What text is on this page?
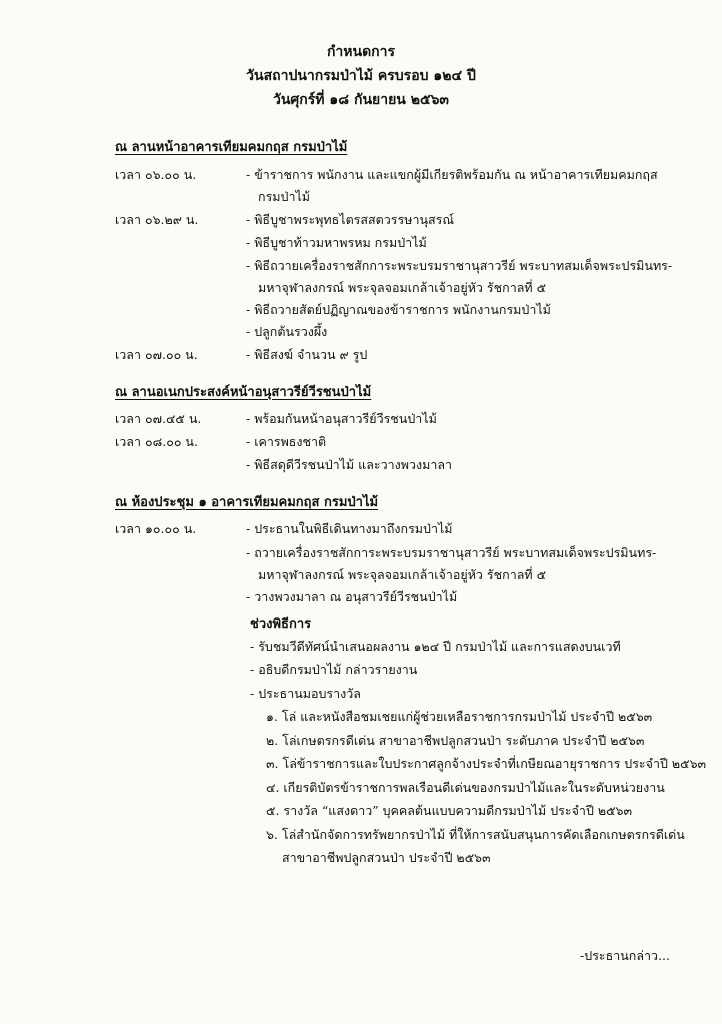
กำหนดการ
วันสถาปนากรมป่าไม้ ครบรอบ ๑๒๔ ปี
วันศุกร์ที่ ๑๘ กันยายน ๒๕๖๓
ณ ลานหน้าอาคารเทียมคมกฤส กรมป่าไม้
เวลา ๐๖.๐๐ น.	- ข้าราชการ พนักงาน และแขกผู้มีเกียรติพร้อมกัน ณ หน้าอาคารเทียมคมกฤส
กรมป่าไม้
เวลา ๐๖.๒๙ น.	- พิธีบูชาพระพุทธไตรสสตวรรษานุสรณ์
- พิธีบูชาท้าวมหาพรหม กรมป่าไม้
- พิธีถวายเครื่องราชสักการะพระบรมราชานุสาวรีย์ พระบาทสมเด็จพระปรมินทร-
มหาจุฬาลงกรณ์ พระจุลจอมเกล้าเจ้าอยู่หัว รัชกาลที่ ๕
- พิธีถวายสัตย์ปฏิญาณของข้าราชการ พนักงานกรมป่าไม้
- ปลูกต้นรวงผึ้ง
เวลา ๐๗.๐๐ น.	- พิธีสงฆ์ จำนวน ๙ รูป
ณ ลานอเนกประสงค์หน้าอนุสาวรีย์วีรชนป่าไม้
เวลา ๐๗.๔๕ น.	- พร้อมกันหน้าอนุสาวรีย์วีรชนป่าไม้
เวลา ๐๘.๐๐ น.	- เคารพธงชาติ
- พิธีสดุดีวีรชนป่าไม้ และวางพวงมาลา
ณ ห้องประชุม ๑ อาคารเทียมคมกฤส กรมป่าไม้
เวลา ๑๐.๐๐ น.	- ประธานในพิธีเดินทางมาถึงกรมป่าไม้
- ถวายเครื่องราชสักการะพระบรมราชานุสาวรีย์ พระบาทสมเด็จพระปรมินทร-
มหาจุฬาลงกรณ์ พระจุลจอมเกล้าเจ้าอยู่หัว รัชกาลที่ ๕
- วางพวงมาลา ณ อนุสาวรีย์วีรชนป่าไม้
ช่วงพิธีการ
- รับชมวีดีทัศน์นำเสนอผลงาน ๑๒๔ ปี กรมป่าไม้ และการแสดงบนเวที
- อธิบดีกรมป่าไม้ กล่าวรายงาน
- ประธานมอบรางวัล
๑. โล่ และหนังสือชมเชยแก่ผู้ช่วยเหลือราชการกรมป่าไม้ ประจำปี ๒๕๖๓
๒. โล่เกษตรกรดีเด่น สาขาอาชีพปลูกสวนป่า ระดับภาค ประจำปี ๒๕๖๓
๓. โล่ข้าราชการและใบประกาศลูกจ้างประจำที่เกษียณอายุราชการ ประจำปี ๒๕๖๓
๔. เกียรติบัตรข้าราชการพลเรือนดีเด่นของกรมป่าไม้และในระดับหน่วยงาน
๕. รางวัล “แสงดาว” บุคคลต้นแบบความดีกรมป่าไม้ ประจำปี ๒๕๖๓
๖. โล่สำนักจัดการทรัพยากรป่าไม้ ที่ให้การสนับสนุนการคัดเลือกเกษตรกรดีเด่น
สาขาอาชีพปลูกสวนป่า ประจำปี ๒๕๖๓
-ประธานกล่าว...
